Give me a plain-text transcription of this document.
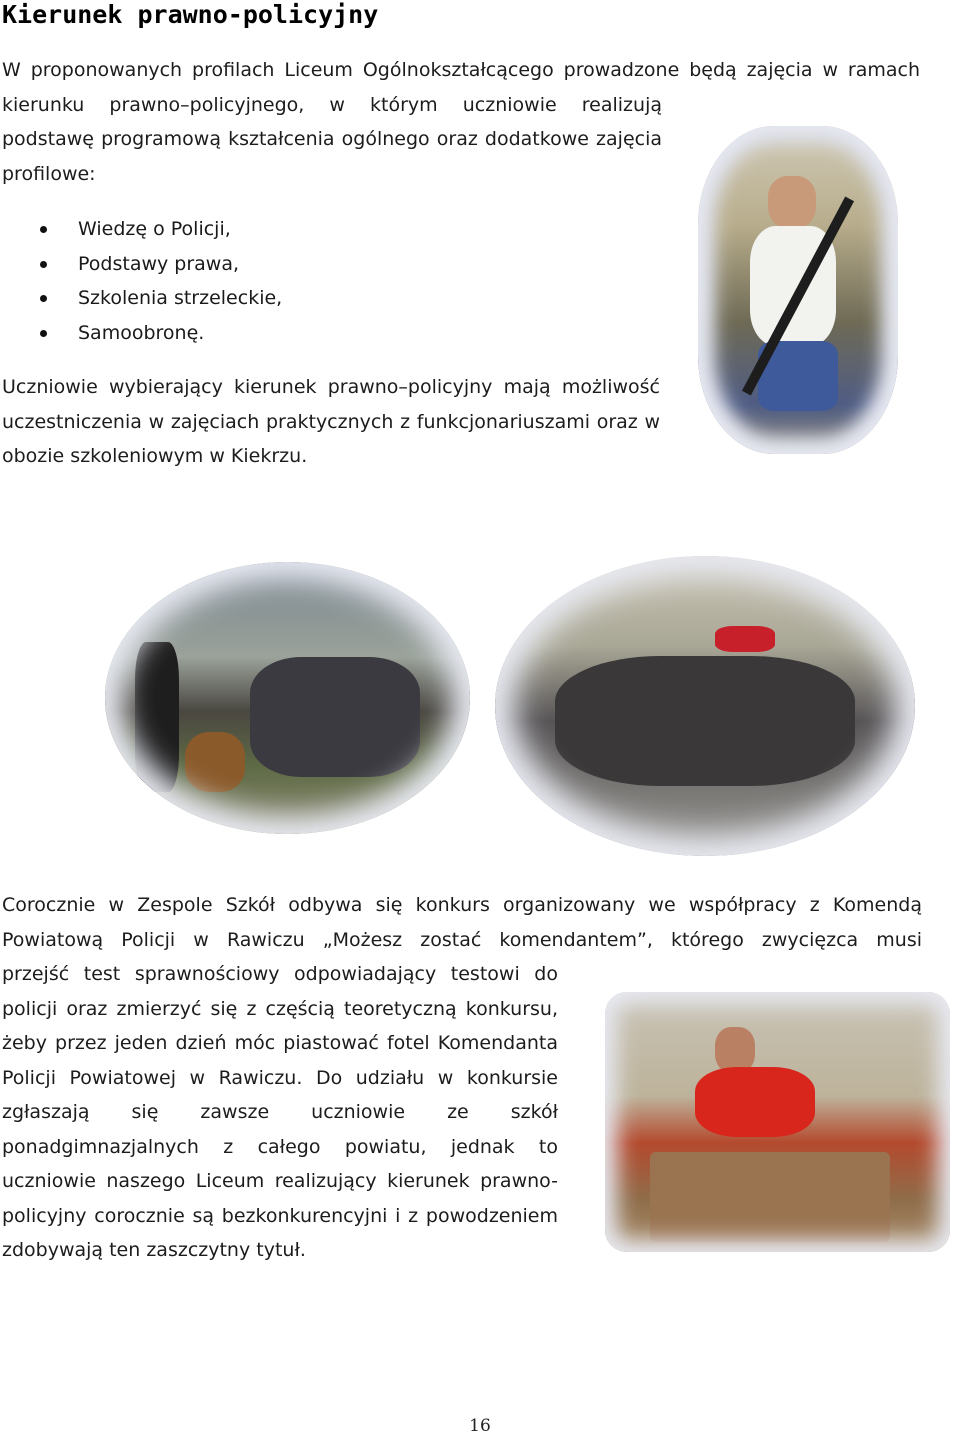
Kierunek prawno-policyjny
W proponowanych profilach Liceum Ogólnokształcącego prowadzone będą zajęcia w ramach
kierunku prawno–policyjnego, w którym uczniowie realizują podstawę programową kształcenia ogólnego oraz dodatkowe zajęcia profilowe:
Wiedzę o Policji,
Podstawy prawa,
Szkolenia strzeleckie,
Samoobronę.

Uczniowie wybierający kierunek prawno–policyjny mają możliwość uczestniczenia w zajęciach praktycznych z funkcjonariuszami oraz w obozie szkoleniowym w Kiekrzu.

Corocznie w Zespole Szkół odbywa się konkurs organizowany we współpracy z Komendą
Powiatową Policji w Rawiczu „Możesz zostać komendantem”, którego zwycięzca musi
przejść test sprawnościowy odpowiadający testowi do policji oraz zmierzyć się z częścią teoretyczną konkursu, żeby przez jeden dzień móc piastować fotel Komendanta Policji Powiatowej w Rawiczu. Do udziału w konkursie zgłaszają się zawsze uczniowie ze szkół ponadgimnazjalnych z całego powiatu, jednak to uczniowie naszego Liceum realizujący kierunek prawno-policyjny corocznie są bezkonkurencyjni i z powodzeniem zdobywają ten zaszczytny tytuł.
16
